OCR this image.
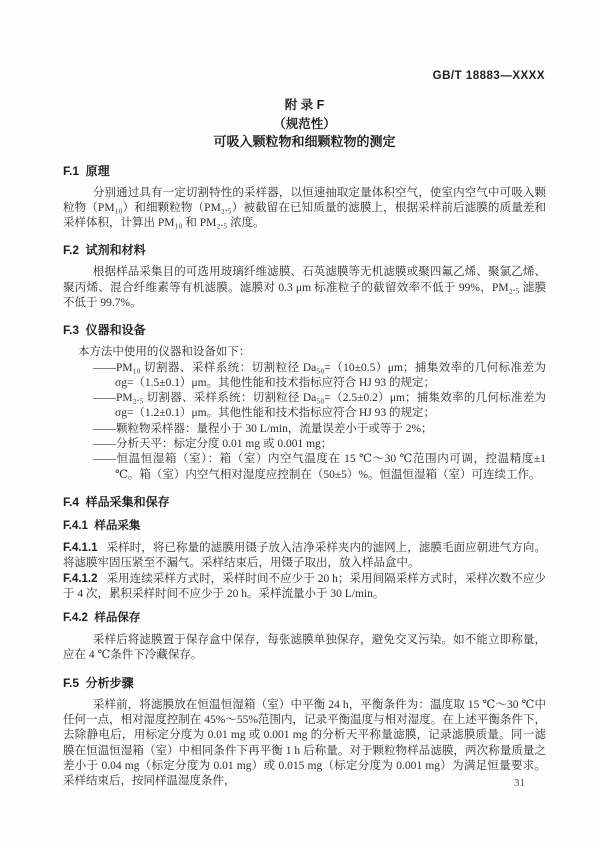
GB/T 18883—XXXX
附 录 F
（规范性）
可吸入颗粒物和细颗粒物的测定
F.1  原理

分别通过具有一定切割特性的采样器，以恒速抽取定量体积空气，使室内空气中可吸入颗粒物（PM₁₀）和细颗粒物（PM₂.₅）被截留在已知质量的滤膜上，根据采样前后滤膜的质量差和采样体积，计算出 PM₁₀ 和 PM₂.₅ 浓度。

F.2  试剂和材料

根据样品采集目的可选用玻璃纤维滤膜、石英滤膜等无机滤膜或聚四氟乙烯、聚氯乙烯、聚丙烯、混合纤维素等有机滤膜。滤膜对 0.3 μm 标准粒子的截留效率不低于 99%，PM₂.₅ 滤膜不低于 99.7%。

F.3  仪器和设备

本方法中使用的仪器和设备如下：

——PM₁₀ 切割器、采样系统：切割粒径 Da₅₀=（10±0.5）μm；捕集效率的几何标准差为 σg=（1.5±0.1）μm。其他性能和技术指标应符合 HJ 93 的规定；

——PM₂.₅ 切割器、采样系统：切割粒径 Da₅₀=（2.5±0.2）μm；捕集效率的几何标准差为 σg=（1.2±0.1）μm。其他性能和技术指标应符合 HJ 93 的规定；

——颗粒物采样器：量程小于 30 L/min，流量误差小于或等于 2%；

——分析天平：标定分度 0.01 mg 或 0.001 mg；

——恒温恒湿箱（室）：箱（室）内空气温度在 15 ℃～30 ℃范围内可调，控温精度±1 ℃。箱（室）内空气相对湿度应控制在（50±5）%。恒温恒湿箱（室）可连续工作。

F.4  样品采集和保存
F.4.1  样品采集

F.4.1.1 采样时，将已称量的滤膜用镊子放入洁净采样夹内的滤网上，滤膜毛面应朝进气方向。将滤膜牢固压紧至不漏气。采样结束后，用镊子取出，放入样品盒中。

F.4.1.2 采用连续采样方式时，采样时间不应少于 20 h；采用间隔采样方式时，采样次数不应少于 4 次，累积采样时间不应少于 20 h。采样流量小于 30 L/min。

F.4.2  样品保存

采样后将滤膜置于保存盒中保存，每张滤膜单独保存，避免交叉污染。如不能立即称量，应在 4 ℃条件下冷藏保存。

F.5  分析步骤

采样前，将滤膜放在恒温恒湿箱（室）中平衡 24 h，平衡条件为：温度取 15 ℃～30 ℃中任何一点，相对湿度控制在 45%～55%范围内，记录平衡温度与相对湿度。在上述平衡条件下，去除静电后，用标定分度为 0.01 mg 或 0.001 mg 的分析天平称量滤膜，记录滤膜质量。同一滤膜在恒温恒湿箱（室）中相同条件下再平衡 1 h 后称量。对于颗粒物样品滤膜，两次称量质量之差小于 0.04 mg（标定分度为 0.01 mg）或 0.015 mg（标定分度为 0.001 mg）为满足恒量要求。采样结束后，按同样温湿度条件，	31
